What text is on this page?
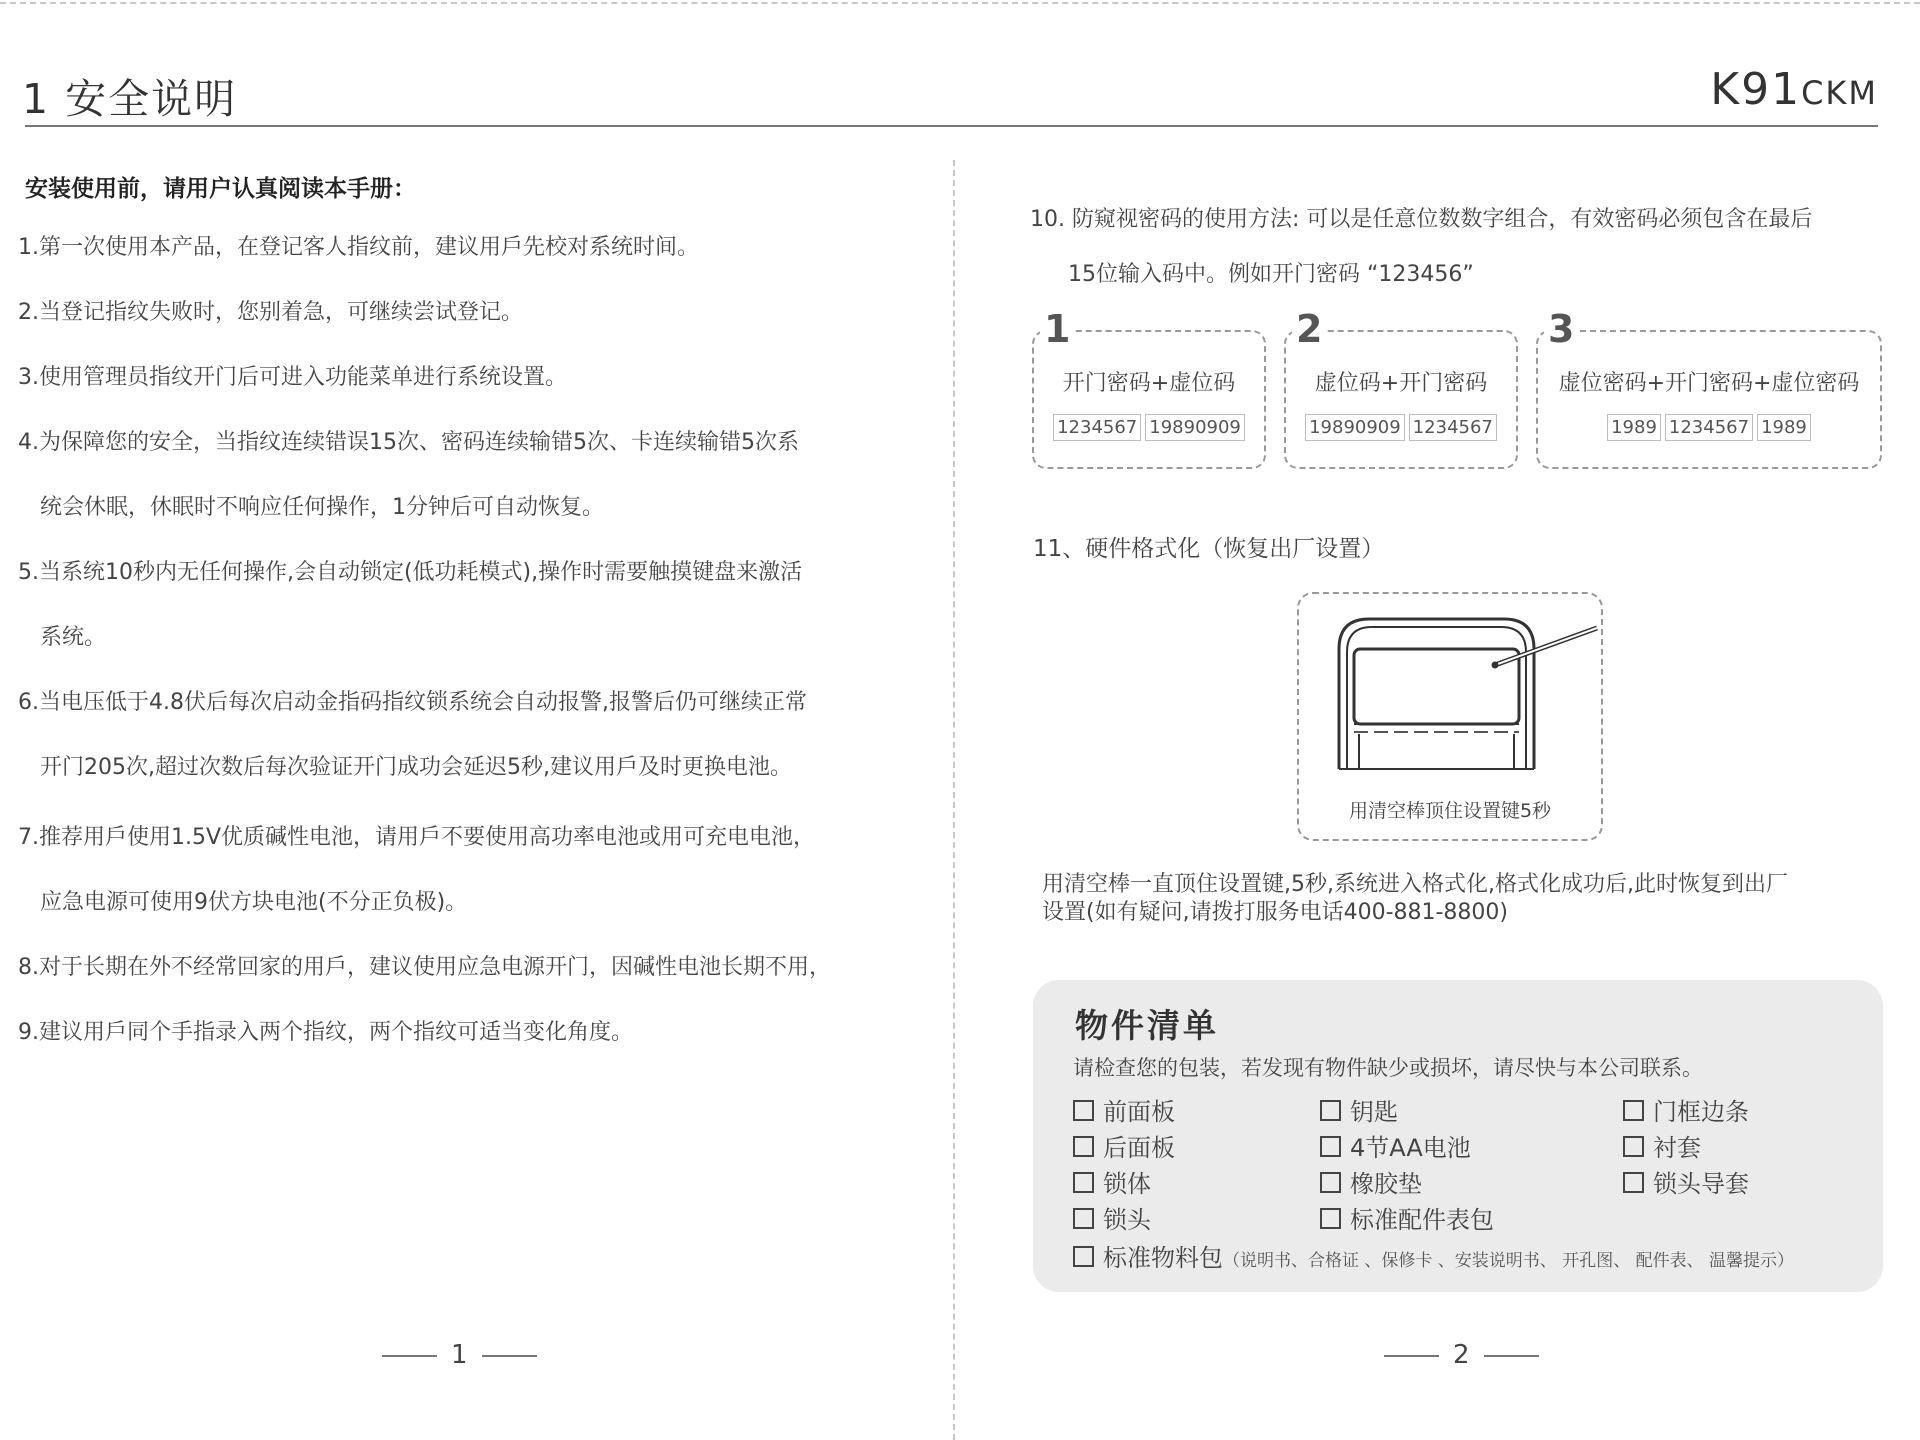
1 安全说明	K91CKM
安装使用前，请用户认真阅读本手册：
1.第一次使用本产品，在登记客人指纹前，建议用戶先校对系统时间。
2.当登记指纹失败时，您别着急，可继续尝试登记。
3.使用管理员指纹开门后可进入功能菜单进行系统设置。
4.为保障您的安全，当指纹连续错误15次、密码连续输错5次、卡连续输错5次系
统会休眠，休眠时不响应任何操作，1分钟后可自动恢复。
5.当系统10秒内无任何操作,会自动锁定(低功耗模式),操作时需要触摸键盘来激活
系统。
6.当电压低于4.8伏后每次启动金指码指纹锁系统会自动报警,报警后仍可继续正常
开门205次,超过次数后每次验证开门成功会延迟5秒,建议用戶及时更换电池。
7.推荐用戶使用1.5V优质碱性电池，请用戶不要使用高功率电池或用可充电电池，
应急电源可使用9伏方块电池(不分正负极)。
8.对于长期在外不经常回家的用戶，建议使用应急电源开门，因碱性电池长期不用，
9.建议用戶同个手指录入两个指纹，两个指纹可适当变化角度。
1
10. 防窥视密码的使用方法: 可以是任意位数数字组合，有效密码必须包含在最后
15位输入码中。例如开门密码 “123456”
1
开门密码+虚位码
1234567 19890909
2
虚位码+开门密码
19890909 1234567
3
虚位密码+开门密码+虚位密码
1989 1234567 1989
11、硬件格式化（恢复出厂设置）
用清空棒顶住设置键5秒
用清空棒一直顶住设置键,5秒,系统进入格式化,格式化成功后,此时恢复到出厂
设置(如有疑问,请拨打服务电话400-881-8800)
物件清单
请检查您的包装，若发现有物件缺少或损坏，请尽快与本公司联系。
前面板
后面板
锁体
锁头
钥匙
4节AA电池
橡胶垫
标准配件表包
门框边条
衬套
锁头导套
标准物料包（说明书、合格证 、保修卡 、安装说明书、 开孔图、 配件表、 温馨提示）
2
